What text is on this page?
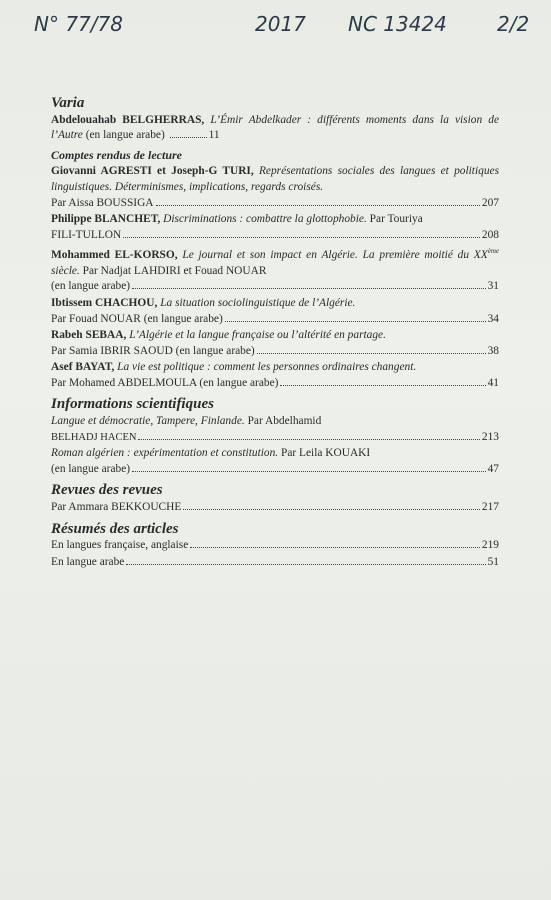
N° 77/78	2017 NC 13424	2/2
Varia
Abdelouahab BELGHERRAS, L’Émir Abdelkader : différents moments dans la vision de l’Autre (en langue arabe)	11
Comptes rendus de lecture
Giovanni AGRESTI et Joseph-G TURI, Représentations sociales des langues et politiques linguistiques. Déterminismes, implications, regards croisés.
Par Aissa BOUSSIGA	207
Philippe BLANCHET, Discriminations : combattre la glottophobie. Par Touriya
FILI-TULLON	208
Mohammed EL-KORSO, Le journal et son impact en Algérie. La première moitié du XXème siècle. Par Nadjat LAHDIRI et Fouad NOUAR
(en langue arabe)	31
Ibtissem CHACHOU, La situation sociolinguistique de l’Algérie.
Par Fouad NOUAR (en langue arabe)	34
Rabeh SEBAA, L’Algérie et la langue française ou l’altérité en partage.
Par Samia IBRIR SAOUD (en langue arabe)	38
Asef BAYAT, La vie est politique : comment les personnes ordinaires changent.
Par Mohamed ABDELMOULA (en langue arabe)	41
Informations scientifiques
Langue et démocratie, Tampere, Finlande. Par Abdelhamid
BELHADJ HACEN	213
Roman algérien : expérimentation et constitution. Par Leila KOUAKI
(en langue arabe)	47
Revues des revues
Par Ammara BEKKOUCHE	217
Résumés des articles
En langues française, anglaise	219
En langue arabe	51
